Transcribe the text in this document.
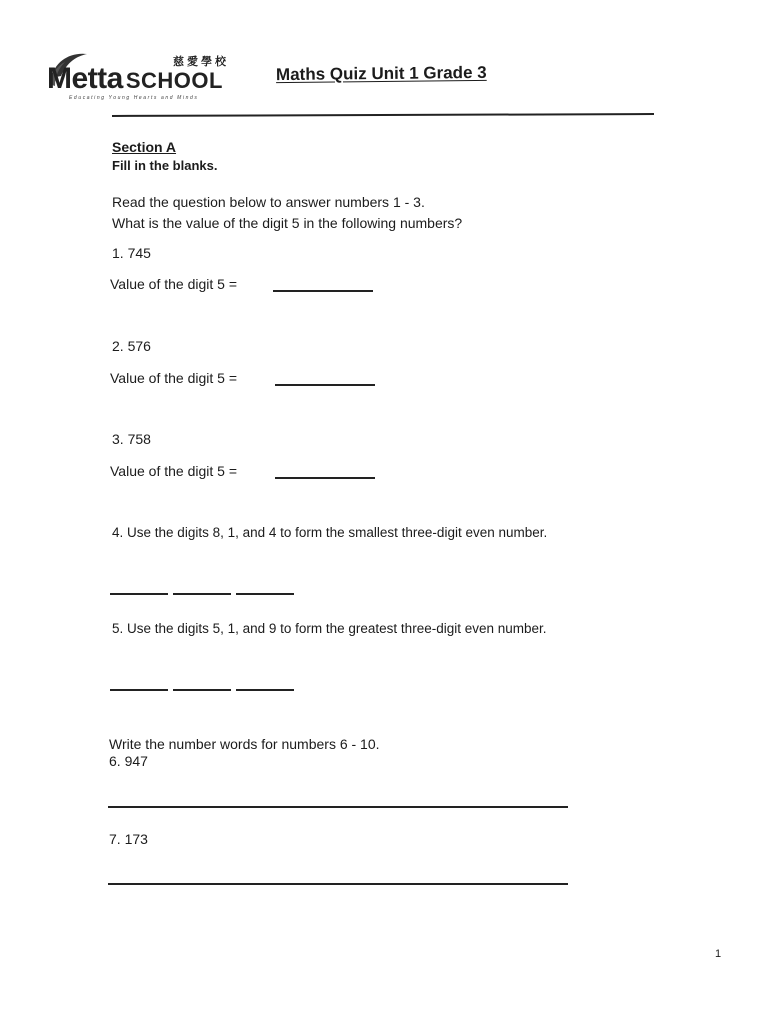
慈愛學校
Metta SCHOOL
Educating Young Hearts and Minds
Maths Quiz Unit 1 Grade 3
Section A
Fill in the blanks.
Read the question below to answer numbers 1 - 3.
What is the value of the digit 5 in the following numbers?
1. 745
Value of the digit 5 =
2. 576
Value of the digit 5 =
3. 758
Value of the digit 5 =
4. Use the digits 8, 1, and 4 to form the smallest three-digit even number.
5. Use the digits 5, 1, and 9 to form the greatest three-digit even number.
Write the number words for numbers 6 - 10.
6. 947
7. 173
1
